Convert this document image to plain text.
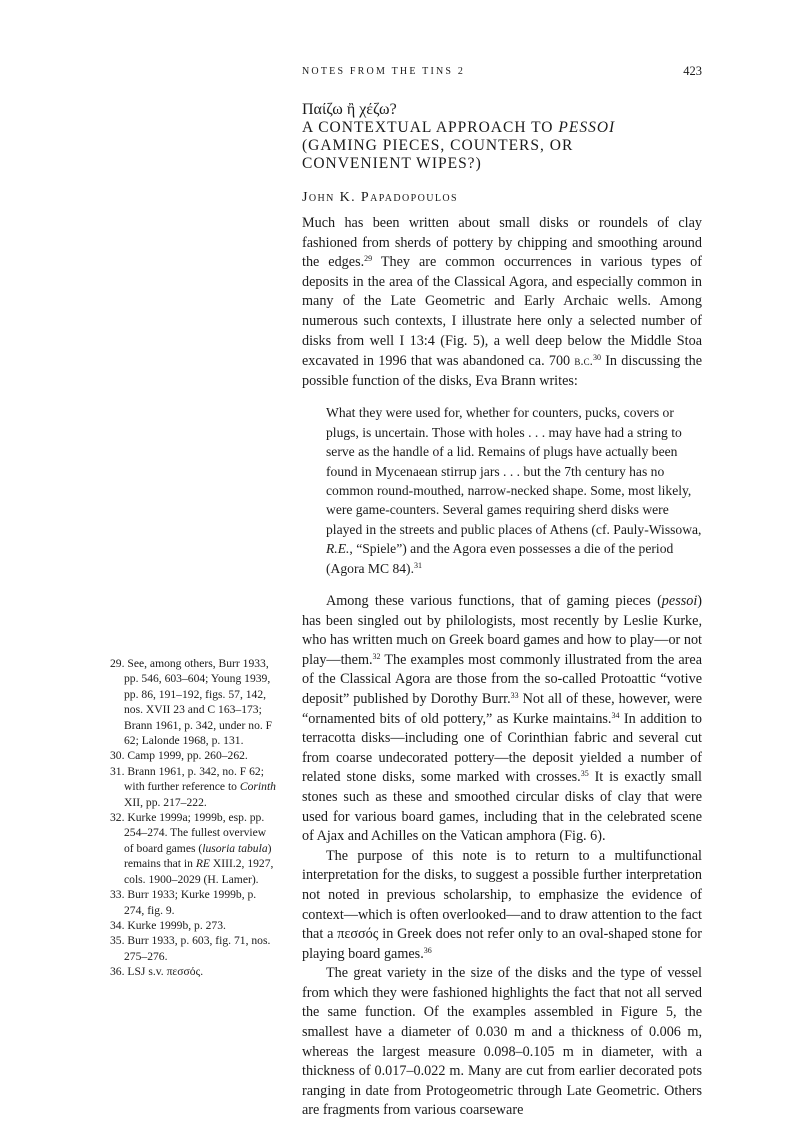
NOTES FROM THE TINS 2	423
Παίζω ἢ χέζω?
A CONTEXTUAL APPROACH TO PESSOI
(GAMING PIECES, COUNTERS, OR
CONVENIENT WIPES?)
John K. Papadopoulos

Much has been written about small disks or roundels of clay fashioned from sherds of pottery by chipping and smoothing around the edges.$^{29}$ They are common occurrences in various types of deposits in the area of the Classical Agora, and especially common in many of the Late Geometric and Early Archaic wells. Among numerous such contexts, I illustrate here only a selected number of disks from well I 13:4 (Fig. 5), a well deep below the Middle Stoa excavated in 1996 that was abandoned ca. 700 b.c.$^{30}$ In discussing the possible function of the disks, Eva Brann writes:

What they were used for, whether for counters, pucks, covers or plugs, is uncertain. Those with holes . . . may have had a string to serve as the handle of a lid. Remains of plugs have actually been found in Mycenaean stirrup jars . . . but the 7th century has no common round-mouthed, narrow-necked shape. Some, most likely, were game-counters. Several games requiring sherd disks were played in the streets and public places of Athens (cf. Pauly-Wissowa, R.E., “Spiele”) and the Agora even possesses a die of the period (Agora MC 84).$^{31}$

Among these various functions, that of gaming pieces (pessoi) has been singled out by philologists, most recently by Leslie Kurke, who has written much on Greek board games and how to play—or not play—them.$^{32}$ The examples most commonly illustrated from the area of the Classical Agora are those from the so-called Protoattic “votive deposit” published by Dorothy Burr.$^{33}$ Not all of these, however, were “ornamented bits of old pottery,” as Kurke maintains.$^{34}$ In addition to terracotta disks—including one of Corinthian fabric and several cut from coarse undecorated pottery—the deposit yielded a number of related stone disks, some marked with crosses.$^{35}$ It is exactly small stones such as these and smoothed circular disks of clay that were used for various board games, including that in the celebrated scene of Ajax and Achilles on the Vatican amphora (Fig. 6).

The purpose of this note is to return to a multifunctional interpretation for the disks, to suggest a possible further interpretation not noted in previous scholarship, to emphasize the evidence of context—which is often overlooked—and to draw attention to the fact that a πεσσός in Greek does not refer only to an oval-shaped stone for playing board games.$^{36}$

The great variety in the size of the disks and the type of vessel from which they were fashioned highlights the fact that not all served the same function. Of the examples assembled in Figure 5, the smallest have a diameter of 0.030 m and a thickness of 0.006 m, whereas the largest measure 0.098–0.105 m in diameter, with a thickness of 0.017–0.022 m. Many are cut from earlier decorated pots ranging in date from Protogeometric through Late Geometric. Others are fragments from various coarseware

29. See, among others, Burr 1933, pp. 546, 603–604; Young 1939, pp. 86, 191–192, figs. 57, 142, nos. XVII 23 and C 163–173; Brann 1961, p. 342, under no. F 62; Lalonde 1968, p. 131.

30. Camp 1999, pp. 260–262.

31. Brann 1961, p. 342, no. F 62; with further reference to Corinth XII, pp. 217–222.

32. Kurke 1999a; 1999b, esp. pp. 254–274. The fullest overview of board games (lusoria tabula) remains that in RE XIII.2, 1927, cols. 1900–2029 (H. Lamer).

33. Burr 1933; Kurke 1999b, p. 274, fig. 9.

34. Kurke 1999b, p. 273.

35. Burr 1933, p. 603, fig. 71, nos. 275–276.

36. LSJ s.v. πεσσός.
